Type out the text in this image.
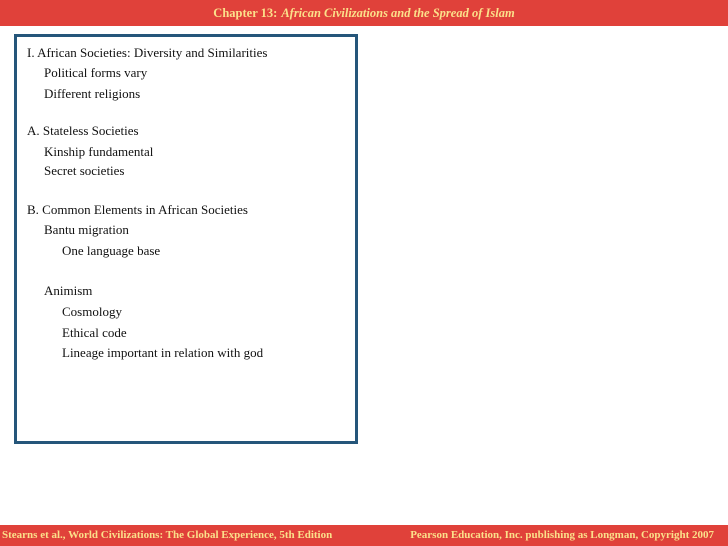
Chapter 13: African Civilizations and the Spread of Islam
I. African Societies: Diversity and Similarities
Political forms vary
Different religions
A. Stateless Societies
Kinship fundamental
Secret societies
B. Common Elements in African Societies
Bantu migration
One language base
Animism
Cosmology
Ethical code
Lineage important in relation with god
Stearns et al., World Civilizations: The Global Experience, 5th Edition	Pearson Education, Inc. publishing as Longman, Copyright 2007
